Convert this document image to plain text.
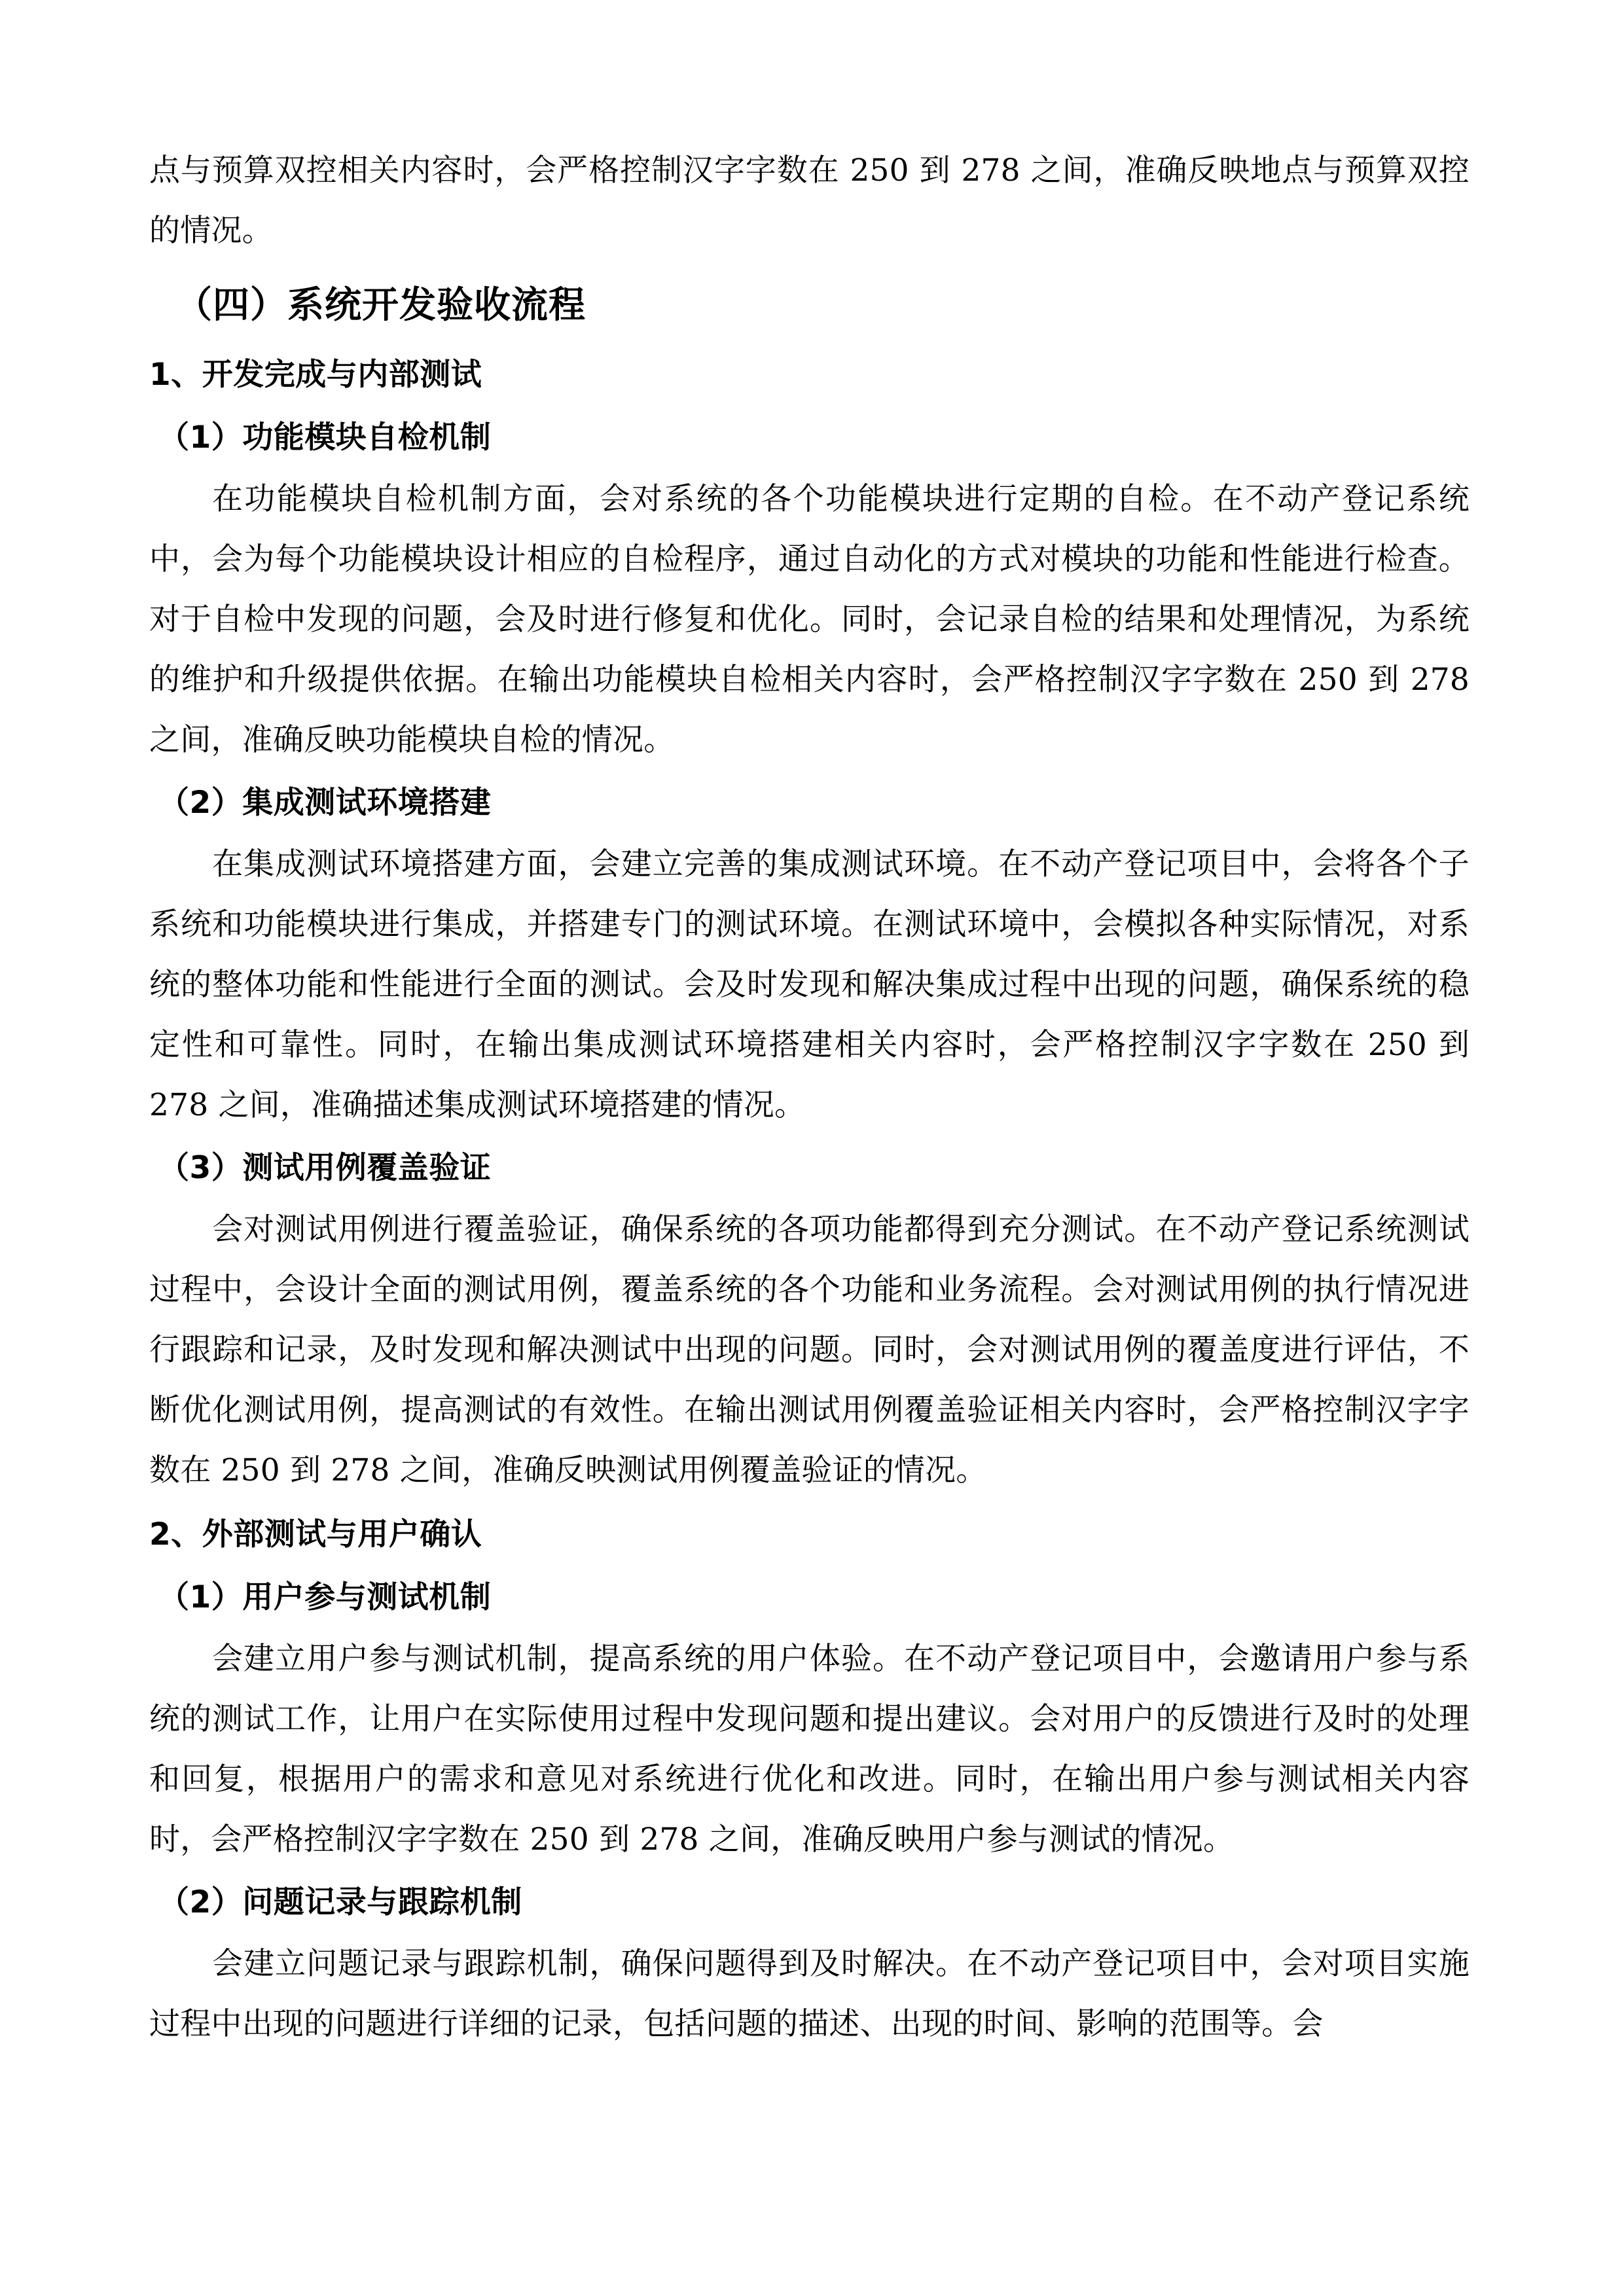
点与预算双控相关内容时，会严格控制汉字字数在 250 到 278 之间，准确反映地点与预算双控的情况。

（四）系统开发验收流程
1、开发完成与内部测试
（1）功能模块自检机制

在功能模块自检机制方面，会对系统的各个功能模块进行定期的自检。在不动产登记系统中，会为每个功能模块设计相应的自检程序，通过自动化的方式对模块的功能和性能进行检查。对于自检中发现的问题，会及时进行修复和优化。同时，会记录自检的结果和处理情况，为系统的维护和升级提供依据。在输出功能模块自检相关内容时，会严格控制汉字字数在 250 到 278 之间，准确反映功能模块自检的情况。

（2）集成测试环境搭建

在集成测试环境搭建方面，会建立完善的集成测试环境。在不动产登记项目中，会将各个子系统和功能模块进行集成，并搭建专门的测试环境。在测试环境中，会模拟各种实际情况，对系统的整体功能和性能进行全面的测试。会及时发现和解决集成过程中出现的问题，确保系统的稳定性和可靠性。同时，在输出集成测试环境搭建相关内容时，会严格控制汉字字数在 250 到 278 之间，准确描述集成测试环境搭建的情况。

（3）测试用例覆盖验证

会对测试用例进行覆盖验证，确保系统的各项功能都得到充分测试。在不动产登记系统测试过程中，会设计全面的测试用例，覆盖系统的各个功能和业务流程。会对测试用例的执行情况进行跟踪和记录，及时发现和解决测试中出现的问题。同时，会对测试用例的覆盖度进行评估，不断优化测试用例，提高测试的有效性。在输出测试用例覆盖验证相关内容时，会严格控制汉字字数在 250 到 278 之间，准确反映测试用例覆盖验证的情况。

2、外部测试与用户确认
（1）用户参与测试机制

会建立用户参与测试机制，提高系统的用户体验。在不动产登记项目中，会邀请用户参与系统的测试工作，让用户在实际使用过程中发现问题和提出建议。会对用户的反馈进行及时的处理和回复，根据用户的需求和意见对系统进行优化和改进。同时，在输出用户参与测试相关内容时，会严格控制汉字字数在 250 到 278 之间，准确反映用户参与测试的情况。

（2）问题记录与跟踪机制

会建立问题记录与跟踪机制，确保问题得到及时解决。在不动产登记项目中，会对项目实施过程中出现的问题进行详细的记录，包括问题的描述、出现的时间、影响的范围等。会
